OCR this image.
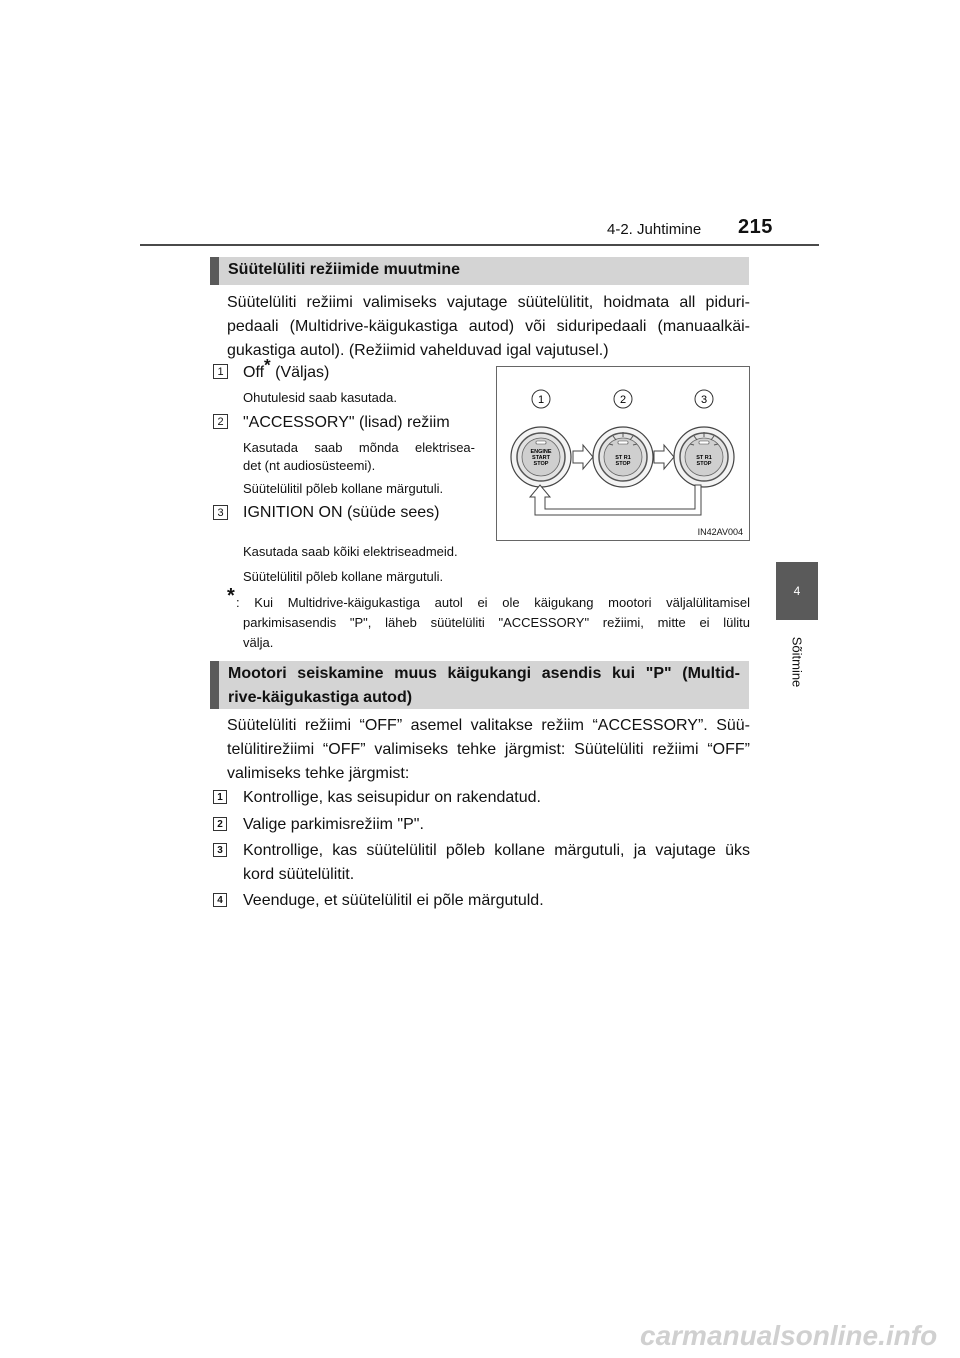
4-2. Juhtimine 215
4
Sõitmine
Süütelüliti režiimide muutmine
Süütelüliti režiimi valimiseks vajutage süütelülitit, hoidmata all piduri-
pedaali (Multidrive-käigukastiga autod) või siduripedaali (manuaalkäi-
gukastiga autol). (Režiimid vahelduvad igal vajutusel.)
1 Off* (Väljas)
Ohutulesid saab kasutada.
2 "ACCESSORY" (lisad) režiim
Kasutada saab mõnda elektrisea-
det (nt audiosüsteemi).
Süütelülitil põleb kollane märgutuli.
3 IGNITION ON (süüde sees)
Kasutada saab kõiki elektriseadmeid.
Süütelülitil põleb kollane märgutuli.
* : Kui Multidrive-käigukastiga autol ei ole käigukang mootori väljalülitamisel
parkimisasendis "P", läheb süütelüliti "ACCESSORY" režiimi, mitte ei lülitu
välja.
1	2	3
ENGINE
START
STOP
ST R1
STOP
ST R1
STOP
IN42AV004
Mootori seiskamine muus käigukangi asendis kui "P" (Multid-
rive-käigukastiga autod)
Süütelüliti režiimi “OFF” asemel valitakse režiim “ACCESSORY”. Süü-
telülitirežiimi “OFF” valimiseks tehke järgmist: Süütelüliti režiimi “OFF”
valimiseks tehke järgmist:
1 Kontrollige, kas seisupidur on rakendatud.
2 Valige parkimisrežiim "P".
3 Kontrollige, kas süütelülitil põleb kollane märgutuli, ja vajutage üks
kord süütelülitit.
4 Veenduge, et süütelülitil ei põle märgutuld.
carmanualsonline.info
